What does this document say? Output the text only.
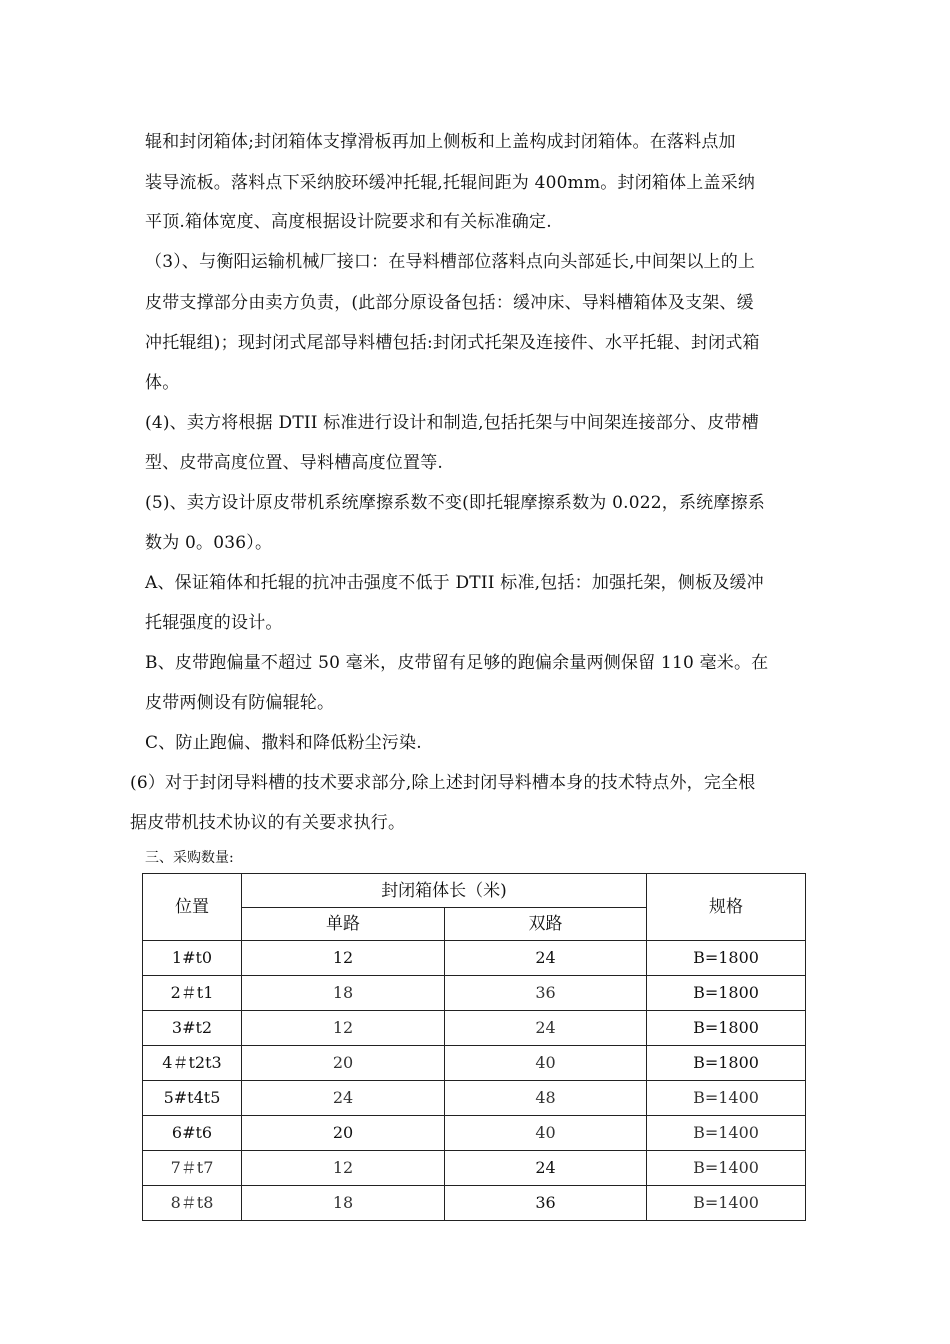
辊和封闭箱体;封闭箱体支撑滑板再加上侧板和上盖构成封闭箱体。在落料点加
装导流板。落料点下采纳胶环缓冲托辊,托辊间距为 400mm。封闭箱体上盖采纳
平顶.箱体宽度、高度根据设计院要求和有关标准确定.
（3）、与衡阳运输机械厂接口：在导料槽部位落料点向头部延长,中间架以上的上
皮带支撑部分由卖方负责，(此部分原设备包括：缓冲床、导料槽箱体及支架、缓
冲托辊组)；现封闭式尾部导料槽包括:封闭式托架及连接件、水平托辊、封闭式箱
体。
(4)、卖方将根据 DTII 标准进行设计和制造,包括托架与中间架连接部分、皮带槽
型、皮带高度位置、导料槽高度位置等.
(5)、卖方设计原皮带机系统摩擦系数不变(即托辊摩擦系数为 0.022，系统摩擦系
数为 0。036）。
A、保证箱体和托辊的抗冲击强度不低于 DTII 标准,包括：加强托架，侧板及缓冲
托辊强度的设计。
B、皮带跑偏量不超过 50 毫米，皮带留有足够的跑偏余量两侧保留 110 毫米。在
皮带两侧设有防偏辊轮。
C、防止跑偏、撒料和降低粉尘污染.
(6）对于封闭导料槽的技术要求部分,除上述封闭导料槽本身的技术特点外，完全根
据皮带机技术协议的有关要求执行。
三、采购数量:
位置	封闭箱体长（米)		规格
	单路	双路	
1#t0	12	24	B=1800
2＃t1	18	36	B=1800
3#t2	12	24	B=1800
4＃t2t3	20	40	B=1800
5#t4t5	24	48	B=1400
6#t6	20	40	B=1400
7＃t7	12	24	B=1400
8＃t8	18	36	B=1400
